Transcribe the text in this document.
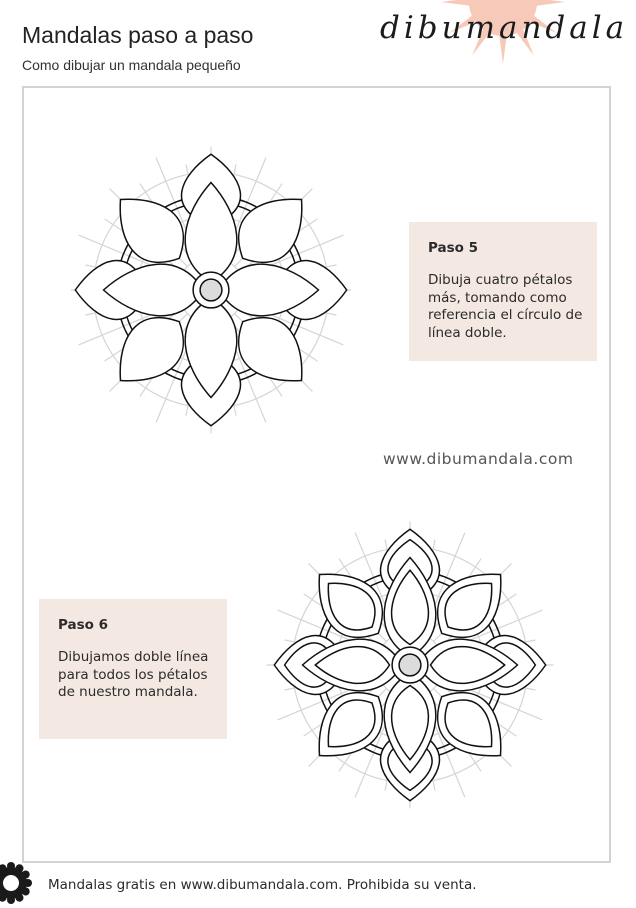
Mandalas paso a paso

Como dibujar un mandala pequeño

dibumandala

Paso 5

Dibuja cuatro pétalos más, tomando como referencia el círculo de línea doble.

www.dibumandala.com

Paso 6

Dibujamos doble línea para todos los pétalos de nuestro mandala.

Mandalas gratis en www.dibumandala.com. Prohibida su venta.
